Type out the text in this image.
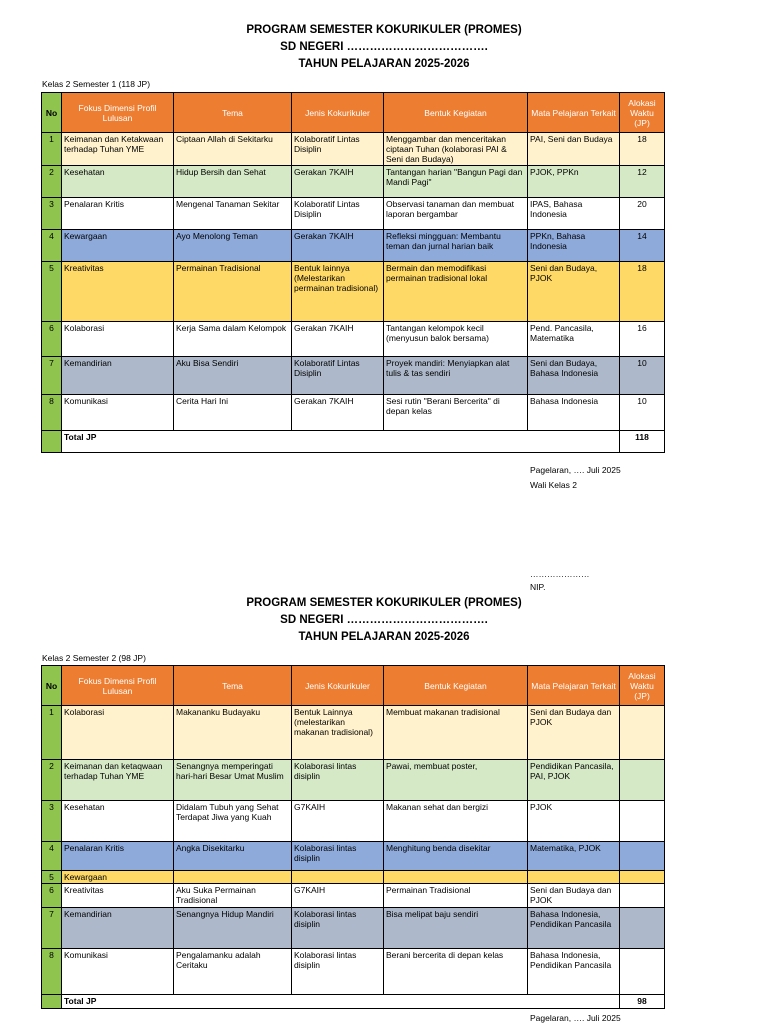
PROGRAM SEMESTER KOKURIKULER (PROMES)
SD NEGERI ……………………………….
TAHUN PELAJARAN 2025-2026
Kelas 2 Semester 1 (118 JP)
No	Fokus Dimensi Profil Lulusan	Tema	Jenis Kokurikuler	Bentuk Kegiatan	Mata Pelajaran Terkait	Alokasi Waktu (JP)
1	Keimanan dan Ketakwaan terhadap Tuhan YME	Ciptaan Allah di Sekitarku	Kolaboratif Lintas Disiplin	Menggambar dan menceritakan ciptaan Tuhan (kolaborasi PAI & Seni dan Budaya)	PAI, Seni dan Budaya	18
2	Kesehatan	Hidup Bersih dan Sehat	Gerakan 7KAIH	Tantangan harian "Bangun Pagi dan Mandi Pagi"	PJOK, PPKn	12
3	Penalaran Kritis	Mengenal Tanaman Sekitar	Kolaboratif Lintas Disiplin	Observasi tanaman dan membuat laporan bergambar	IPAS, Bahasa Indonesia	20
4	Kewargaan	Ayo Menolong Teman	Gerakan 7KAIH	Refleksi mingguan: Membantu teman dan jurnal harian baik	PPKn, Bahasa Indonesia	14
5	Kreativitas	Permainan Tradisional	Bentuk lainnya (Melestarikan permainan tradisional)	Bermain dan memodifikasi permainan tradisional lokal	Seni dan Budaya, PJOK	18
6	Kolaborasi	Kerja Sama dalam Kelompok	Gerakan 7KAIH	Tantangan kelompok kecil (menyusun balok bersama)	Pend. Pancasila, Matematika	16
7	Kemandirian	Aku Bisa Sendiri	Kolaboratif Lintas Disiplin	Proyek mandiri: Menyiapkan alat tulis & tas sendiri	Seni dan Budaya, Bahasa Indonesia	10
8	Komunikasi	Cerita Hari Ini	Gerakan 7KAIH	Sesi rutin "Berani Bercerita" di depan kelas	Bahasa Indonesia	10
	Total JP					118
Pagelaran, …. Juli 2025
Wali Kelas 2
…………………
NIP.
PROGRAM SEMESTER KOKURIKULER (PROMES)
SD NEGERI ……………………………….
TAHUN PELAJARAN 2025-2026
Kelas 2 Semester 2 (98 JP)
No	Fokus Dimensi Profil Lulusan	Tema	Jenis Kokurikuler	Bentuk Kegiatan	Mata Pelajaran Terkait	Alokasi Waktu (JP)
1	Kolaborasi	Makananku Budayaku	Bentuk Lainnya (melestarikan makanan tradisional)	Membuat makanan tradisional	Seni dan Budaya dan PJOK	
2	Keimanan dan ketaqwaan terhadap Tuhan YME	Senangnya memperingati hari-hari Besar Umat Muslim	Kolaborasi lintas disiplin	Pawai, membuat poster,	Pendidikan Pancasila, PAI, PJOK	
3	Kesehatan	Didalam Tubuh yang Sehat Terdapat Jiwa yang Kuah	G7KAIH	Makanan sehat dan bergizi	PJOK	
4	Penalaran Kritis	Angka Disekitarku	Kolaborasi lintas disiplin	Menghitung benda disekitar	Matematika, PJOK	
5	Kewargaan					
6	Kreativitas	Aku Suka Permainan Tradisional	G7KAIH	Permainan Tradisional	Seni dan Budaya dan PJOK	
7	Kemandirian	Senangnya Hidup Mandiri	Kolaborasi lintas disiplin	Bisa melipat baju sendiri	Bahasa Indonesia, Pendidikan Pancasila	
8	Komunikasi	Pengalamanku adalah Ceritaku	Kolaborasi lintas disiplin	Berani bercerita di depan kelas	Bahasa Indonesia, Pendidikan Pancasila	
	Total JP					98
Pagelaran, …. Juli 2025
